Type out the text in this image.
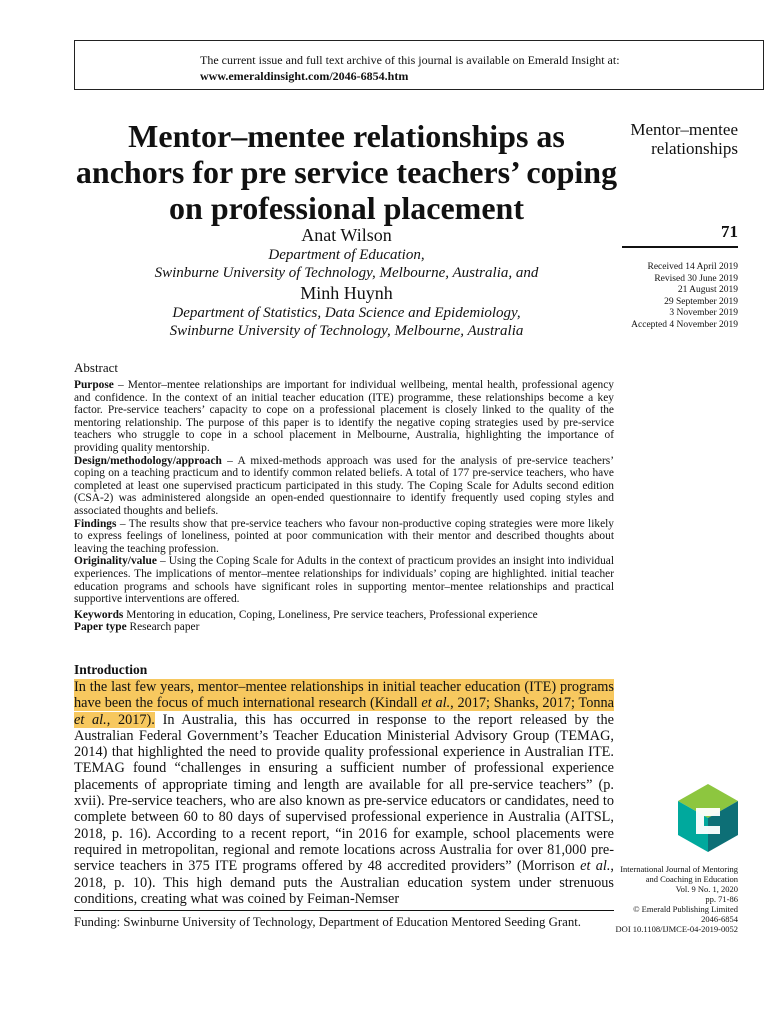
The current issue and full text archive of this journal is available on Emerald Insight at:
www.emeraldinsight.com/2046-6854.htm
Mentor–mentee relationships as anchors for pre service teachers’ coping on professional placement
Anat Wilson
Department of Education,
Swinburne University of Technology, Melbourne, Australia, and
Minh Huynh
Department of Statistics, Data Science and Epidemiology,
Swinburne University of Technology, Melbourne, Australia
Mentor–mentee relationships
71
Received 14 April 2019
Revised 30 June 2019
21 August 2019
29 September 2019
3 November 2019
Accepted 4 November 2019
Abstract

Purpose – Mentor–mentee relationships are important for individual wellbeing, mental health, professional agency and confidence. In the context of an initial teacher education (ITE) programme, these relationships become a key factor. Pre-service teachers’ capacity to cope on a professional placement is closely linked to the quality of the mentoring relationship. The purpose of this paper is to identify the negative coping strategies used by pre-service teachers who struggle to cope in a school placement in Melbourne, Australia, highlighting the importance of providing quality mentorship.

Design/methodology/approach – A mixed-methods approach was used for the analysis of pre-service teachers’ coping on a teaching practicum and to identify common related beliefs. A total of 177 pre-service teachers, who have completed at least one supervised practicum participated in this study. The Coping Scale for Adults second edition (CSA-2) was administered alongside an open-ended questionnaire to identify frequently used coping styles and associated thoughts and beliefs.

Findings – The results show that pre-service teachers who favour non-productive coping strategies were more likely to express feelings of loneliness, pointed at poor communication with their mentor and described thoughts about leaving the teaching profession.

Originality/value – Using the Coping Scale for Adults in the context of practicum provides an insight into individual experiences. The implications of mentor–mentee relationships for individuals’ coping are highlighted. initial teacher education programs and schools have significant roles in supporting mentor–mentee relationships and practical supportive interventions are offered.

Keywords Mentoring in education, Coping, Loneliness, Pre service teachers, Professional experience

Paper type Research paper

Introduction

In the last few years, mentor–mentee relationships in initial teacher education (ITE) programs have been the focus of much international research (Kindall et al., 2017; Shanks, 2017; Tonna et al., 2017). In Australia, this has occurred in response to the report released by the Australian Federal Government’s Teacher Education Ministerial Advisory Group (TEMAG, 2014) that highlighted the need to provide quality professional experience in Australian ITE. TEMAG found “challenges in ensuring a sufficient number of professional experience placements of appropriate timing and length are available for all pre-service teachers” (p. xvii). Pre-service teachers, who are also known as pre-service educators or candidates, need to complete between 60 to 80 days of supervised professional experience in Australia (AITSL, 2018, p. 16). According to a recent report, “in 2016 for example, school placements were required in metropolitan, regional and remote locations across Australia for over 81,000 pre-service teachers in 375 ITE programs offered by 48 accredited providers” (Morrison et al., 2018, p. 10). This high demand puts the Australian education system under strenuous conditions, creating what was coined by Feiman-Nemser

Funding: Swinburne University of Technology, Department of Education Mentored Seeding Grant.
International Journal of Mentoring
and Coaching in Education
Vol. 9 No. 1, 2020
pp. 71-86
© Emerald Publishing Limited
2046-6854
DOI 10.1108/IJMCE-04-2019-0052
